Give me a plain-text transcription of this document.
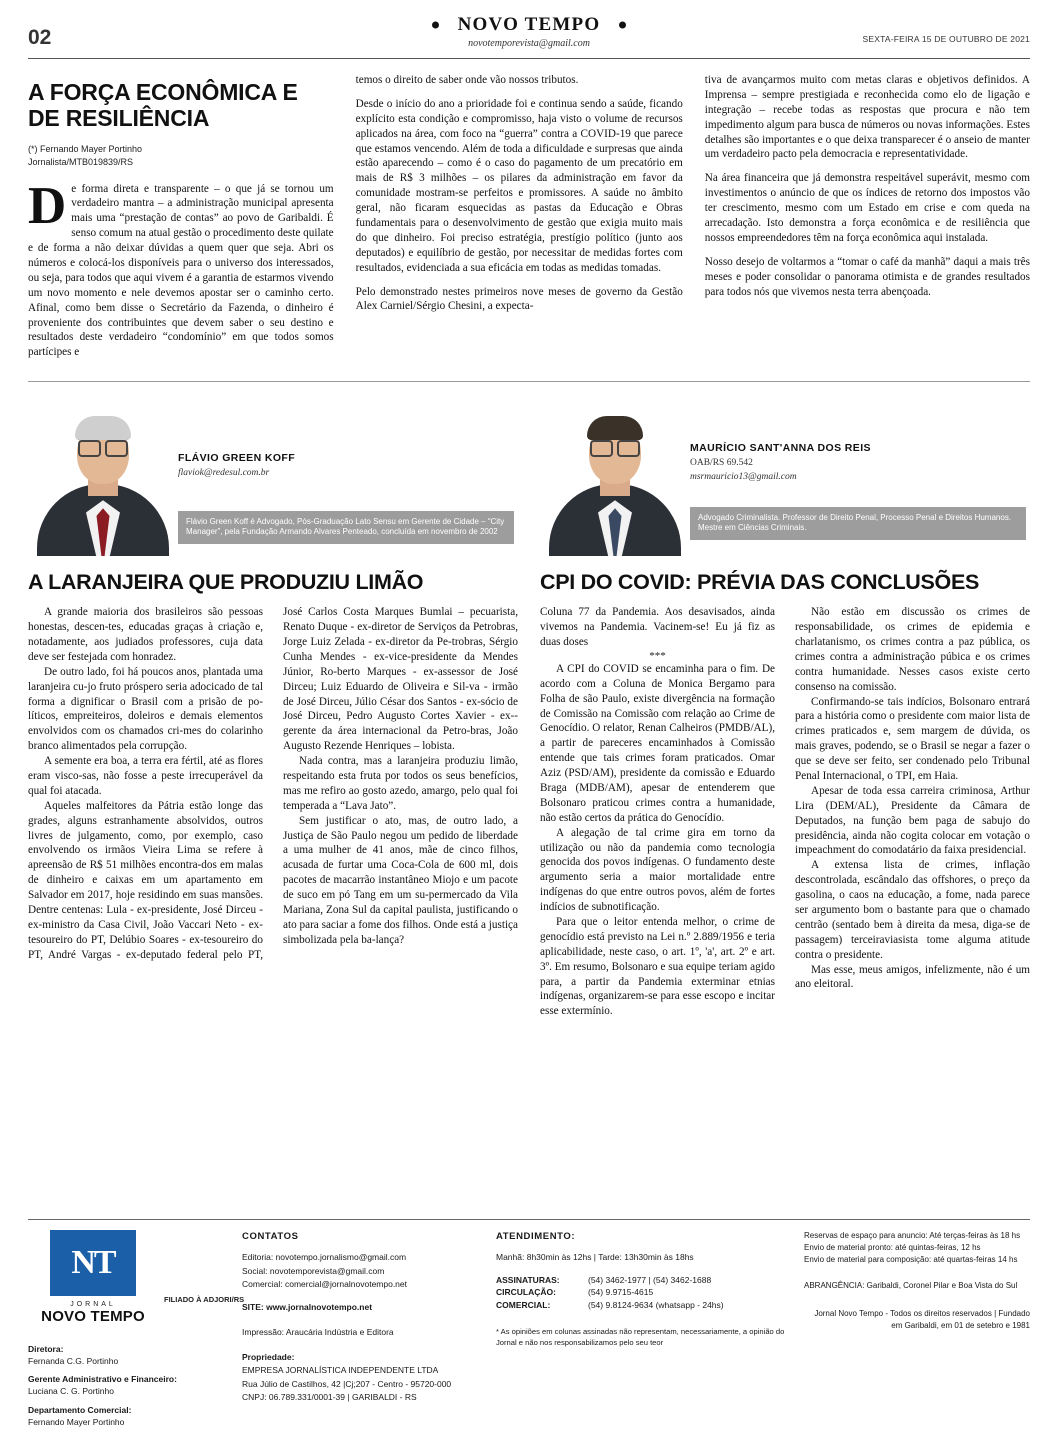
02
NOVO TEMPO
novotemporevista@gmail.com	SEXTA-FEIRA 15 DE OUTUBRO DE 2021
A FORÇA ECONÔMICA E DE RESILIÊNCIA
(*) Fernando Mayer Portinho
Jornalista/MTB019839/RS

De forma direta e transparente – o que já se tornou um verdadeiro mantra – a administração municipal apresenta mais uma “prestação de contas” ao povo de Garibaldi. É senso comum na atual gestão o procedimento deste quilate e de forma a não deixar dúvidas a quem quer que seja. Abri os números e colocá-los disponíveis para o universo dos interessados, ou seja, para todos que aqui vivem é a garantia de estarmos vivendo um novo momento e nele devemos apostar ser o caminho certo. Afinal, como bem disse o Secretário da Fazenda, o dinheiro é proveniente dos contribuintes que devem saber o seu destino e resultados deste verdadeiro “condomínio” em que todos somos partícipes e

temos o direito de saber onde vão nossos tributos.

Desde o início do ano a prioridade foi e continua sendo a saúde, ficando explícito esta condição e compromisso, haja visto o volume de recursos aplicados na área, com foco na “guerra” contra a COVID-19 que parece que estamos vencendo. Além de toda a dificuldade e surpresas que ainda estão aparecendo – como é o caso do pagamento de um precatório em mais de R$ 3 milhões – os pilares da administração em favor da comunidade mostram-se perfeitos e promissores. A saúde no âmbito geral, não ficaram esquecidas as pastas da Educação e Obras fundamentais para o desenvolvimento de gestão que exigia muito mais do que dinheiro. Foi preciso estratégia, prestígio político (junto aos deputados) e equilíbrio de gestão, por necessitar de medidas fortes com resultados, evidenciada a sua eficácia em todas as medidas tomadas.

Pelo demonstrado nestes primeiros nove meses de governo da Gestão Alex Carniel/Sérgio Chesini, a expecta-

tiva de avançarmos muito com metas claras e objetivos definidos. A Imprensa – sempre prestigiada e reconhecida como elo de ligação e integração – recebe todas as respostas que procura e não tem impedimento algum para busca de números ou novas informações. Estes detalhes são importantes e o que deixa transparecer é o anseio de manter um verdadeiro pacto pela democracia e representatividade.

Na área financeira que já demonstra respeitável superávit, mesmo com investimentos o anúncio de que os índices de retorno dos impostos vão ter crescimento, mesmo com um Estado em crise e com queda na arrecadação. Isto demonstra a força econômica e de resiliência que nossos empreendedores têm na força econômica aqui instalada.

Nosso desejo de voltarmos a “tomar o café da manhã” daqui a mais três meses e poder consolidar o panorama otimista e de grandes resultados para todos nós que vivemos nesta terra abençoada.

FLÁVIO GREEN KOFF
flaviok@redesul.com.br
Flávio Green Koff é Advogado, Pós-Graduação Lato Sensu em Gerente de Cidade – “City Manager”, pela Fundação Armando Alvares Penteado, concluída em novembro de 2002
A LARANJEIRA QUE PRODUZIU LIMÃO

A grande maioria dos brasileiros são pessoas honestas, descen-tes, educadas graças à criação e, notadamente, aos judiados professores, cuja data deve ser festejada com honradez.

De outro lado, foi há poucos anos, plantada uma laranjeira cu-jo fruto próspero seria adocicado de tal forma a dignificar o Brasil com a prisão de po-líticos, empreiteiros, doleiros e demais elementos envolvidos com os chamados cri-mes do colarinho branco alimentados pela corrupção.

A semente era boa, a terra era fértil, até as flores eram visco-sas, não fosse a peste irrecuperável da qual foi atacada.

Aqueles malfeitores da Pátria estão longe das grades, alguns estranhamente absolvidos, outros livres de julgamento, como, por exemplo, caso envolvendo os irmãos Vieira Lima se refere à apreensão de R$ 51 milhões encontra-dos em malas de dinheiro e caixas em um apartamento em Salvador em 2017, hoje residindo em suas mansões. Dentre centenas: Lula - ex-presidente, José Dirceu - ex-ministro da Casa Civil, João Vaccari Neto - ex-tesoureiro do PT, Delúbio Soares - ex-tesoureiro do PT, André Vargas - ex-deputado federal pelo PT, José Carlos Costa Marques Bumlai – pecuarista, Renato Duque - ex-diretor de Serviços da Petrobras, Jorge Luiz Zelada - ex-diretor da Pe-trobras, Sérgio Cunha Mendes - ex-vice-presidente da Mendes Júnior, Ro-berto Marques - ex-assessor de José Dirceu; Luiz Eduardo de Oliveira e Sil-va - irmão de José Dirceu, Júlio César dos Santos - ex-sócio de José Dirceu, Pedro Augusto Cortes Xavier - ex--gerente da área internacional da Petro-bras, João Augusto Rezende Henriques – lobista.

Nada contra, mas a laranjeira produziu limão, respeitando esta fruta por todos os seus benefícios, mas me refiro ao gosto azedo, amargo, pelo qual foi temperada a “Lava Jato”.

Sem justificar o ato, mas, de outro lado, a Justiça de São Paulo negou um pedido de liberdade a uma mulher de 41 anos, mãe de cinco filhos, acusada de furtar uma Coca-Cola de 600 ml, dois pacotes de macarrão instantâneo Miojo e um pacote de suco em pó Tang em um su-permercado da Vila Mariana, Zona Sul da capital paulista, justificando o ato para saciar a fome dos filhos. Onde está a justiça simbolizada pela ba-lança?

MAURÍCIO SANT'ANNA DOS REIS
OAB/RS 69.542
msrmauricio13@gmail.com
Advogado Criminalista. Professor de Direito Penal, Processo Penal e Direitos Humanos. Mestre em Ciências Criminais.
CPI DO COVID: PRÉVIA DAS CONCLUSÕES

Coluna 77 da Pandemia. Aos desavisados, ainda vivemos na Pandemia. Vacinem-se! Eu já fiz as duas doses

***

A CPI do COVID se encaminha para o fim. De acordo com a Coluna de Monica Bergamo para Folha de são Paulo, existe divergência na formação de Comissão na Comissão com relação ao Crime de Genocídio. O relator, Renan Calheiros (PMDB/AL), a partir de pareceres encaminhados à Comissão entende que tais crimes foram praticados. Omar Aziz (PSD/AM), presidente da comissão e Eduardo Braga (MDB/AM), apesar de entenderem que Bolsonaro praticou crimes contra a humanidade, não estão certos da prática do Genocídio.

A alegação de tal crime gira em torno da utilização ou não da pandemia como tecnologia genocida dos povos indígenas. O fundamento deste argumento seria a maior mortalidade entre indígenas do que entre outros povos, além de fortes indícios de subnotificação.

Para que o leitor entenda melhor, o crime de genocídio está previsto na Lei n.º 2.889/1956 e teria aplicabilidade, neste caso, o art. 1º, 'a', art. 2º e art. 3º. Em resumo, Bolsonaro e sua equipe teriam agido para, a partir da Pandemia exterminar etnias indígenas, organizarem-se para esse escopo e incitar esse extermínio.

Não estão em discussão os crimes de responsabilidade, os crimes de epidemia e charlatanismo, os crimes contra a paz pública, os crimes contra a administração púbica e os crimes contra humanidade. Nesses casos existe certo consenso na comissão.

Confirmando-se tais indícios, Bolsonaro entrará para a história como o presidente com maior lista de crimes praticados e, sem margem de dúvida, os mais graves, podendo, se o Brasil se negar a fazer o que se deve ser feito, ser condenado pelo Tribunal Penal Internacional, o TPI, em Haia.

Apesar de toda essa carreira criminosa, Arthur Lira (DEM/AL), Presidente da Câmara de Deputados, na função bem paga de sabujo do presidência, ainda não cogita colocar em votação o impeachment do comodatário da faixa presidencial.

A extensa lista de crimes, inflação descontrolada, escândalo das offshores, o preço da gasolina, o caos na educação, a fome, nada parece ser argumento bom o bastante para que o chamado centrão (sentado bem à direita da mesa, diga-se de passagem) terceiraviasista tome alguma atitude contra o presidente.

Mas esse, meus amigos, infelizmente, não é um ano eleitoral.

NT
JORNAL
NOVO TEMPO
FILIADO À ADJORI/RS
Diretora:
Fernanda C.G. Portinho
Gerente Administrativo e Financeiro:
Luciana C. G. Portinho
Departamento Comercial:
Fernando Mayer Portinho
CONTATOS
Editoria: novotempo.jornalismo@gmail.com
Social: novotemporevista@gmail.com
Comercial: comercial@jornalnovotempo.net
SITE: www.jornalnovotempo.net
Impressão: Araucária Indústria e Editora
Propriedade:
EMPRESA JORNALÍSTICA INDEPENDENTE LTDA
Rua Júlio de Castilhos, 42 |Cj;207 - Centro - 95720-000
CNPJ: 06.789.331/0001-39 | GARIBALDI - RS
ATENDIMENTO:
Manhã: 8h30min às 12hs | Tarde: 13h30min às 18hs
ASSINATURAS:	(54) 3462-1977 | (54) 3462-1688
CIRCULAÇÃO:	(54) 9.9715-4615
COMERCIAL:	(54) 9.8124-9634 (whatsapp - 24hs)
* As opiniões em colunas assinadas não representam, necessariamente, a opinião do Jornal e não nos responsabilizamos pelo seu teor
Reservas de espaço para anuncio: Até terças-feiras às 18 hs
Envio de material pronto: até quintas-feiras, 12 hs
Envio de material para composição: até quartas-feiras 14 hs
ABRANGÊNCIA: Garibaldi, Coronel Pilar e Boa Vista do Sul
Jornal Novo Tempo - Todos os direitos reservados | Fundado em Garibaldi, em 01 de setebro e 1981
